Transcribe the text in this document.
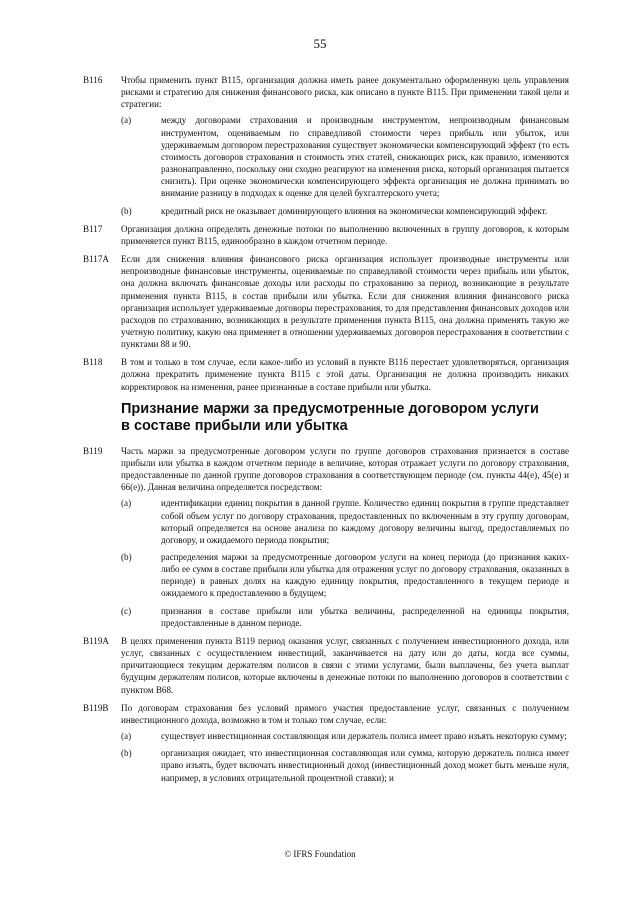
55
B116 Чтобы применить пункт B115, организация должна иметь ранее документально оформленную цель управления рисками и стратегию для снижения финансового риска, как описано в пункте B115. При применении такой цели и стратегии:
(a)	между договорами страхования и производным инструментом, непроизводным финансовым инструментом, оцениваемым по справедливой стоимости через прибыль или убыток, или удерживаемым договором перестрахования существует экономически компенсирующий эффект (то есть стоимость договоров страхования и стоимость этих статей, снижающих риск, как правило, изменяются разнонаправленно, поскольку они сходно реагируют на изменения риска, который организация пытается снизить). При оценке экономически компенсирующего эффекта организация не должна принимать во внимание разницу в подходах к оценке для целей бухгалтерского учета;
(b)	кредитный риск не оказывает доминирующего влияния на экономически компенсирующий эффект.
B117 Организация должна определять денежные потоки по выполнению включенных в группу договоров, к которым применяется пункт B115, единообразно в каждом отчетном периоде.
B117A Если для снижения влияния финансового риска организация использует производные инструменты или непроизводные финансовые инструменты, оцениваемые по справедливой стоимости через прибыль или убыток, она должна включать финансовые доходы или расходы по страхованию за период, возникающие в результате применения пункта B115, в состав прибыли или убытка. Если для снижения влияния финансового риска организация использует удерживаемые договоры перестрахования, то для представления финансовых доходов или расходов по страхованию, возникающих в результате применения пункта B115, она должна применять такую же учетную политику, какую она применяет в отношении удерживаемых договоров перестрахования в соответствии с пунктами 88 и 90.
B118 В том и только в том случае, если какое-либо из условий в пункте B116 перестает удовлетворяться, организация должна прекратить применение пункта B115 с этой даты. Организация не должна производить никаких корректировок на изменения, ранее признанные в составе прибыли или убытка.
Признание маржи за предусмотренные договором услуги в составе прибыли или убытка
B119 Часть маржи за предусмотренные договором услуги по группе договоров страхования признается в составе прибыли или убытка в каждом отчетном периоде в величине, которая отражает услуги по договору страхования, предоставленные по данной группе договоров страхования в соответствующем периоде (см. пункты 44(e), 45(e) и 66(e)). Данная величина определяется посредством:
(a)	идентификации единиц покрытия в данной группе. Количество единиц покрытия в группе представляет собой объем услуг по договору страхования, предоставленных по включенным в эту группу договорам, который определяется на основе анализа по каждому договору величины выгод, предоставляемых по договору, и ожидаемого периода покрытия;
(b)	распределения маржи за предусмотренные договором услуги на конец периода (до признания каких-либо ее сумм в составе прибыли или убытка для отражения услуг по договору страхования, оказанных в периоде) в равных долях на каждую единицу покрытия, предоставленного в текущем периоде и ожидаемого к предоставлению в будущем;
(c)	признания в составе прибыли или убытка величины, распределенной на единицы покрытия, предоставленные в данном периоде.
B119A В целях применения пункта B119 период оказания услуг, связанных с получением инвестиционного дохода, или услуг, связанных с осуществлением инвестиций, заканчивается на дату или до даты, когда все суммы, причитающиеся текущим держателям полисов в связи с этими услугами, были выплачены, без учета выплат будущим держателям полисов, которые включены в денежные потоки по выполнению договоров в соответствии с пунктом B68.
B119B По договорам страхования без условий прямого участия предоставление услуг, связанных с получением инвестиционного дохода, возможно в том и только том случае, если:
(a)	существует инвестиционная составляющая или держатель полиса имеет право изъять некоторую сумму;
(b)	организация ожидает, что инвестиционная составляющая или сумма, которую держатель полиса имеет право изъять, будет включать инвестиционный доход (инвестиционный доход может быть меньше нуля, например, в условиях отрицательной процентной ставки); и
© IFRS Foundation
